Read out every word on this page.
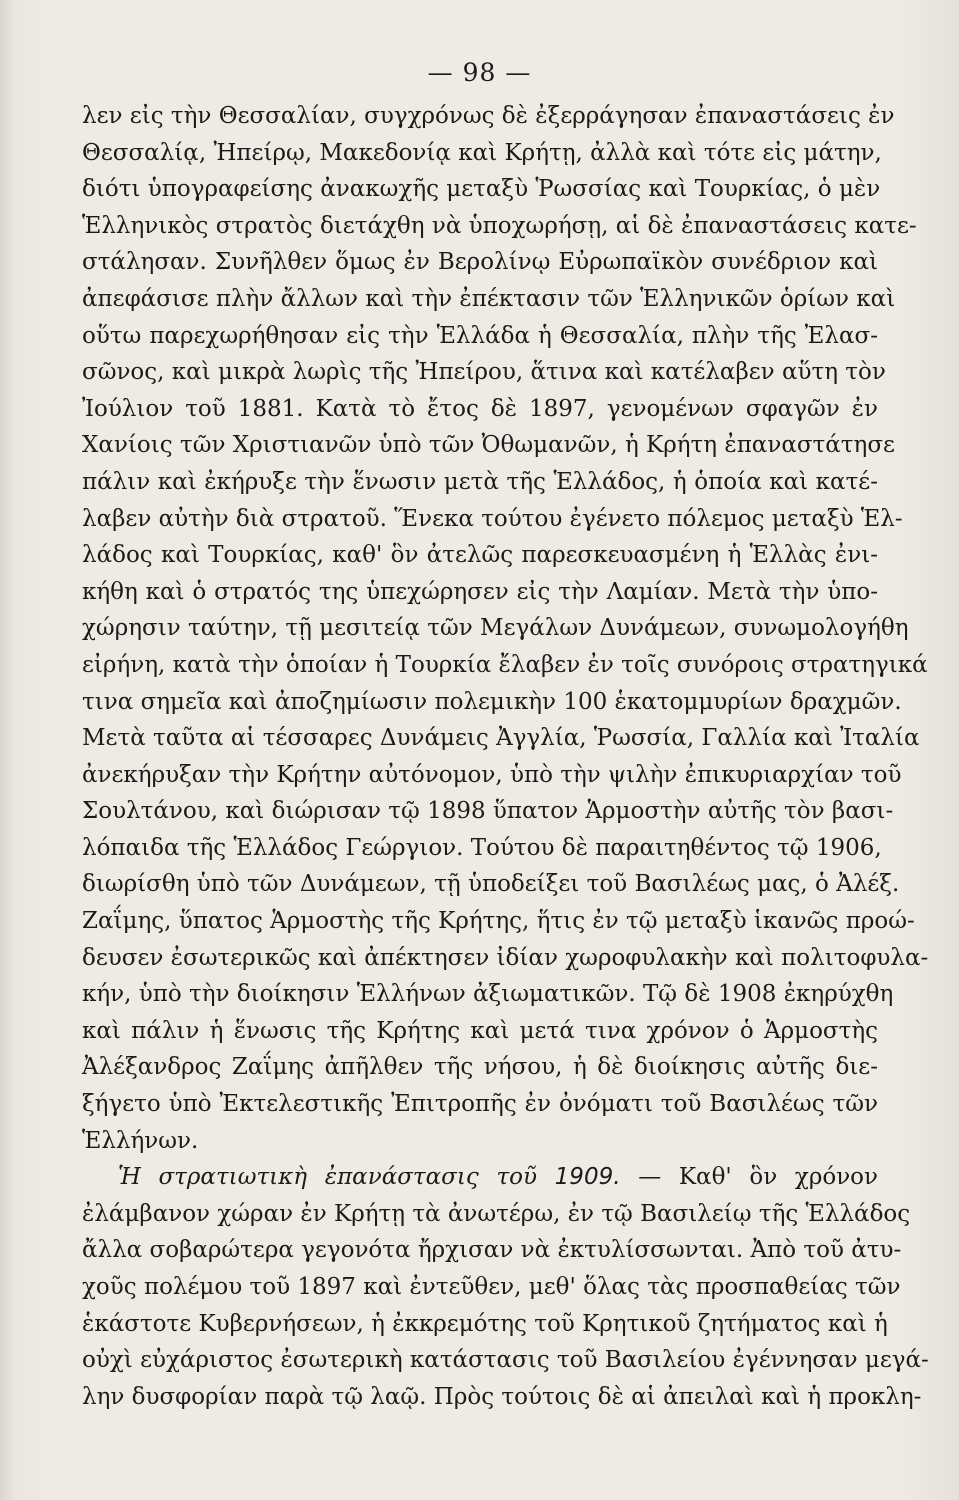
— 98 —
λεν εἰς τὴν Θεσσαλίαν, συγχρόνως δὲ ἐξερράγησαν ἐπαναστάσεις ἐν
Θεσσαλίᾳ, Ἠπείρῳ, Μακεδονίᾳ καὶ Κρήτῃ, ἀλλὰ καὶ τότε εἰς μάτην,
διότι ὑπογραφείσης ἀνακωχῆς μεταξὺ Ῥωσσίας καὶ Τουρκίας, ὁ μὲν
Ἑλληνικὸς στρατὸς διετάχθη νὰ ὑποχωρήσῃ, αἱ δὲ ἐπαναστάσεις κατε-
στάλησαν. Συνῆλθεν ὅμως ἐν Βερολίνῳ Εὐρωπαϊκὸν συνέδριον καὶ
ἀπεφάσισε πλὴν ἄλλων καὶ τὴν ἐπέκτασιν τῶν Ἑλληνικῶν ὁρίων καὶ
οὕτω παρεχωρήθησαν εἰς τὴν Ἑλλάδα ἡ Θεσσαλία, πλὴν τῆς Ἐλασ-
σῶνος, καὶ μικρὰ λωρὶς τῆς Ἠπείρου, ἅτινα καὶ κατέλαβεν αὕτη τὸν
Ἰούλιον τοῦ 1881. Κατὰ τὸ ἔτος δὲ 1897, γενομένων σφαγῶν ἐν
Χανίοις τῶν Χριστιανῶν ὑπὸ τῶν Ὀθωμανῶν, ἡ Κρήτη ἐπαναστάτησε
πάλιν καὶ ἐκήρυξε τὴν ἕνωσιν μετὰ τῆς Ἑλλάδος, ἡ ὁποία καὶ κατέ-
λαβεν αὐτὴν διὰ στρατοῦ. Ἕνεκα τούτου ἐγένετο πόλεμος μεταξὺ Ἑλ-
λάδος καὶ Τουρκίας, καθ' ὃν ἀτελῶς παρεσκευασμένη ἡ Ἑλλὰς ἐνι-
κήθη καὶ ὁ στρατός της ὑπεχώρησεν εἰς τὴν Λαμίαν. Μετὰ τὴν ὑπο-
χώρησιν ταύτην, τῇ μεσιτείᾳ τῶν Μεγάλων Δυνάμεων, συνωμολογήθη
εἰρήνη, κατὰ τὴν ὁποίαν ἡ Τουρκία ἔλαβεν ἐν τοῖς συνόροις στρατηγικά
τινα σημεῖα καὶ ἀποζημίωσιν πολεμικὴν 100 ἑκατομμυρίων δραχμῶν.
Μετὰ ταῦτα αἱ τέσσαρες Δυνάμεις Ἀγγλία, Ῥωσσία, Γαλλία καὶ Ἰταλία
ἀνεκήρυξαν τὴν Κρήτην αὐτόνομον, ὑπὸ τὴν ψιλὴν ἐπικυριαρχίαν τοῦ
Σουλτάνου, καὶ διώρισαν τῷ 1898 ὕπατον Ἁρμοστὴν αὐτῆς τὸν βασι-
λόπαιδα τῆς Ἑλλάδος Γεώργιον. Τούτου δὲ παραιτηθέντος τῷ 1906,
διωρίσθη ὑπὸ τῶν Δυνάμεων, τῇ ὑποδείξει τοῦ Βασιλέως μας, ὁ Ἀλέξ.
Ζαΐμης, ὕπατος Ἁρμοστὴς τῆς Κρήτης, ἥτις ἐν τῷ μεταξὺ ἱκανῶς προώ-
δευσεν ἐσωτερικῶς καὶ ἀπέκτησεν ἰδίαν χωροφυλακὴν καὶ πολιτοφυλα-
κήν, ὑπὸ τὴν διοίκησιν Ἑλλήνων ἀξιωματικῶν. Τῷ δὲ 1908 ἐκηρύχθη
καὶ πάλιν ἡ ἕνωσις τῆς Κρήτης καὶ μετά τινα χρόνον ὁ Ἁρμοστὴς
Ἀλέξανδρος Ζαΐμης ἀπῆλθεν τῆς νήσου, ἡ δὲ διοίκησις αὐτῆς διε-
ξήγετο ὑπὸ Ἐκτελεστικῆς Ἐπιτροπῆς ἐν ὀνόματι τοῦ Βασιλέως τῶν
Ἑλλήνων.
Ἡ στρατιωτικὴ ἐπανάστασις τοῦ 1909. — Καθ' ὃν χρόνον
ἐλάμβανον χώραν ἐν Κρήτῃ τὰ ἀνωτέρω, ἐν τῷ Βασιλείῳ τῆς Ἑλλάδος
ἄλλα σοβαρώτερα γεγονότα ἤρχισαν νὰ ἐκτυλίσσωνται. Ἀπὸ τοῦ ἀτυ-
χοῦς πολέμου τοῦ 1897 καὶ ἐντεῦθεν, μεθ' ὅλας τὰς προσπαθείας τῶν
ἑκάστοτε Κυβερνήσεων, ἡ ἐκκρεμότης τοῦ Κρητικοῦ ζητήματος καὶ ἡ
οὐχὶ εὐχάριστος ἐσωτερικὴ κατάστασις τοῦ Βασιλείου ἐγέννησαν μεγά-
λην δυσφορίαν παρὰ τῷ λαῷ. Πρὸς τούτοις δὲ αἱ ἀπειλαὶ καὶ ἡ προκλη-
